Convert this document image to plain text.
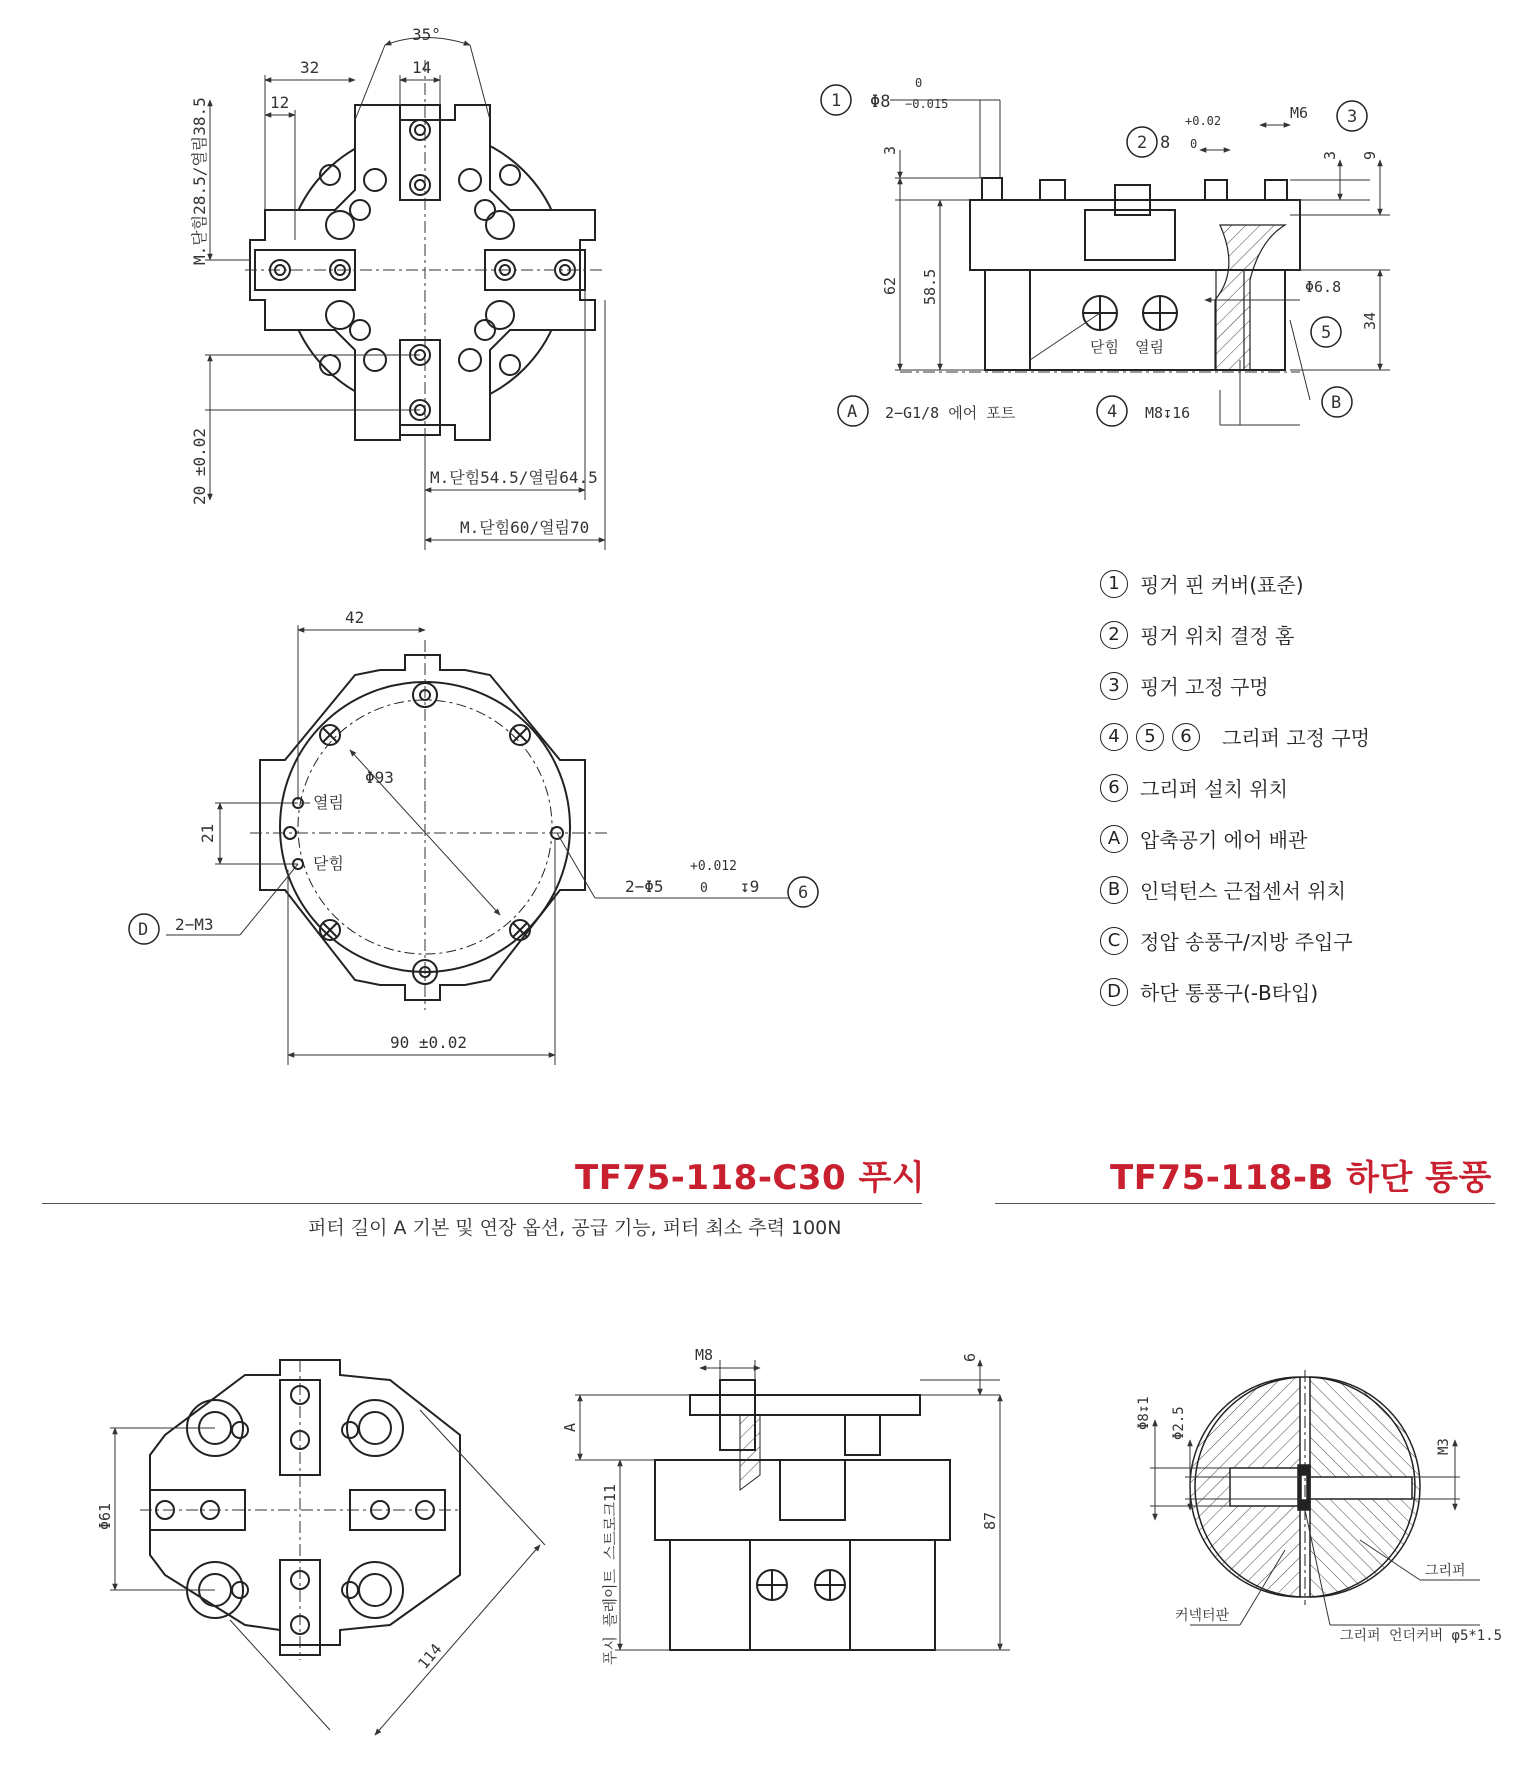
35°
32	14
12
M.닫힘28.5/열림38.5
20 ±0.02	M.닫힘54.5/열림64.5
M.닫힘60/열림70
42
Φ93
21
90 ±0.02
2−Φ5
+0.012
0 ↧9
2−M3
열림
닫힘
D
6
Φ8
0
−0.015	M6
8
+0.02
0
3
3 9
62 58.5	Φ6.8
34
2−G1/8 에어 포트	M8↧16
닫힘 열림
1
2
3
A	4
5
B
Φ61
114
M8	6
A
푸시 플레이트 스트로크11	87
Φ8↧1 Φ2.5
M3
그리퍼
그리퍼 언더커버 φ5*1.5
커넥터판
1	핑거 핀 커버(표준)
2	핑거 위치 결정 홈
3	핑거 고정 구멍
4	5	6	그리퍼 고정 구멍
6	그리퍼 설치 위치
A 압축공기 에어 배관
B 인덕턴스 근접센서 위치
C 정압 송풍구/지방 주입구
D 하단 통풍구(-B타입)
TF75-118-C30 푸시	TF75-118-B 하단 통풍
퍼터 길이 A 기본 및 연장 옵션, 공급 기능, 퍼터 최소 추력 100N
